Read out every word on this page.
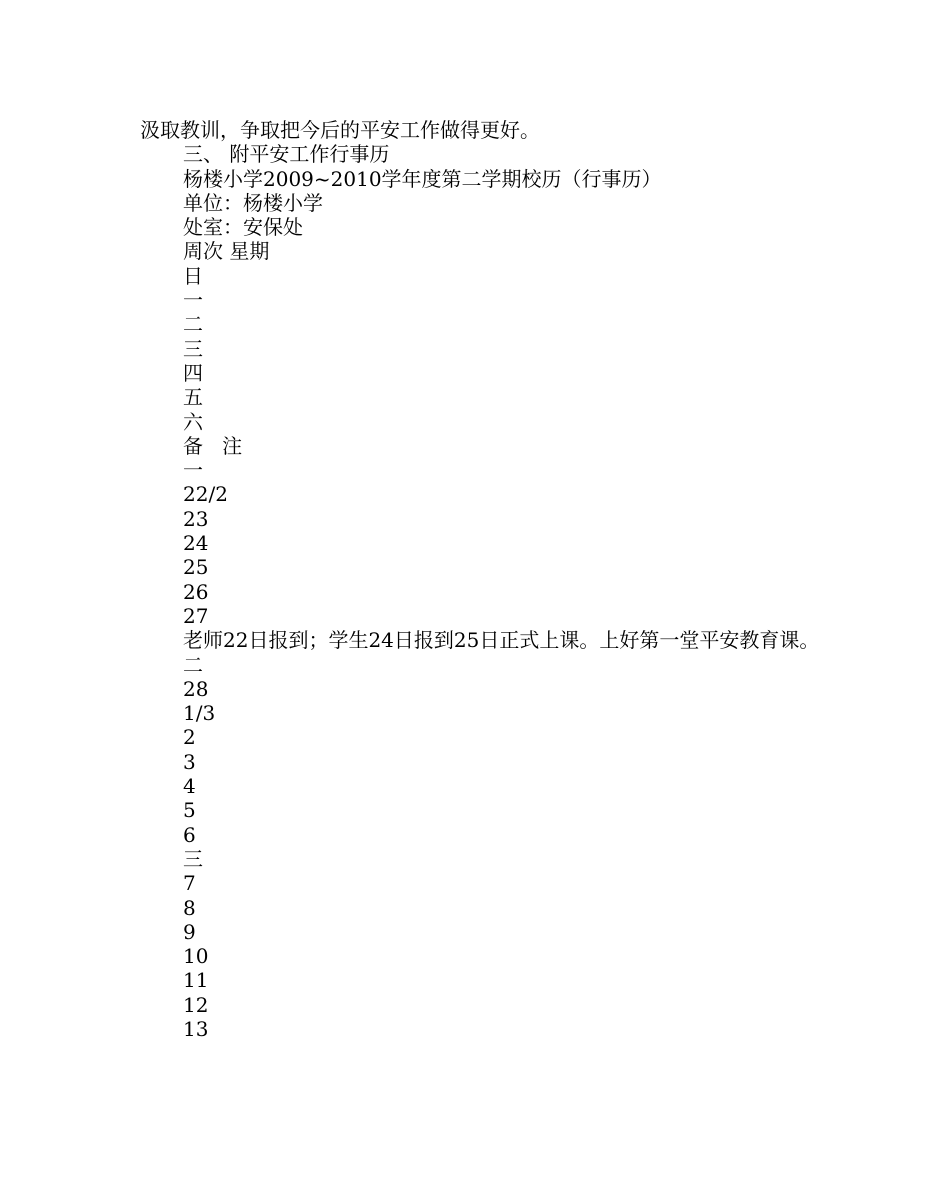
汲取教训，争取把今后的平安工作做得更好。

三、 附平安工作行事历

杨楼小学2009~2010学年度第二学期校历（行事历）

单位：杨楼小学

处室：安保处

周次 星期

日

一

二

三

四

五

六

备   注

一

22/2

23

24

25

26

27

老师22日报到；学生24日报到25日正式上课。上好第一堂平安教育课。

二

28

1/3

2

3

4

5

6

三

7

8

9

10

11

12

13
